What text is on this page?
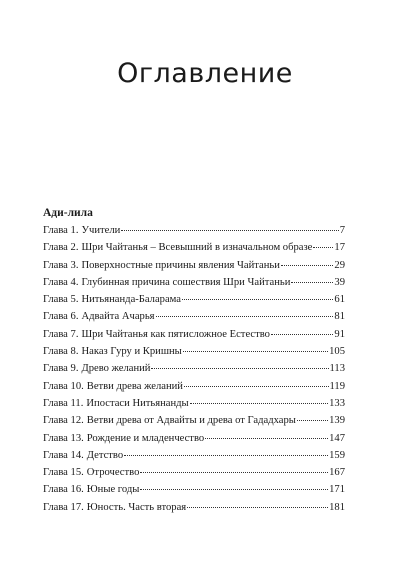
Оглавление
Ади-лила
Глава 1. Учители	7
Глава 2. Шри Чайтанья – Всевышний в изначальном образе 17
Глава 3. Поверхностные причины явления Чайтаньи	29
Глава 4. Глубинная причина сошествия Шри Чайтаньи	39
Глава 5. Нитьянанда-Баларама	61
Глава 6. Адвайта Ачарья	81
Глава 7. Шри Чайтанья как пятисложное Естество	91
Глава 8. Наказ Гуру и Кришны	105
Глава 9. Древо желаний	113
Глава 10. Ветви древа желаний	119
Глава 11. Ипостаси Нитьянанды	133
Глава 12. Ветви древа от Адвайты и древа от Гададхары	139
Глава 13. Рождение и младенчество	147
Глава 14. Детство	159
Глава 15. Отрочество	167
Глава 16. Юные годы	171
Глава 17. Юность. Часть вторая	181
